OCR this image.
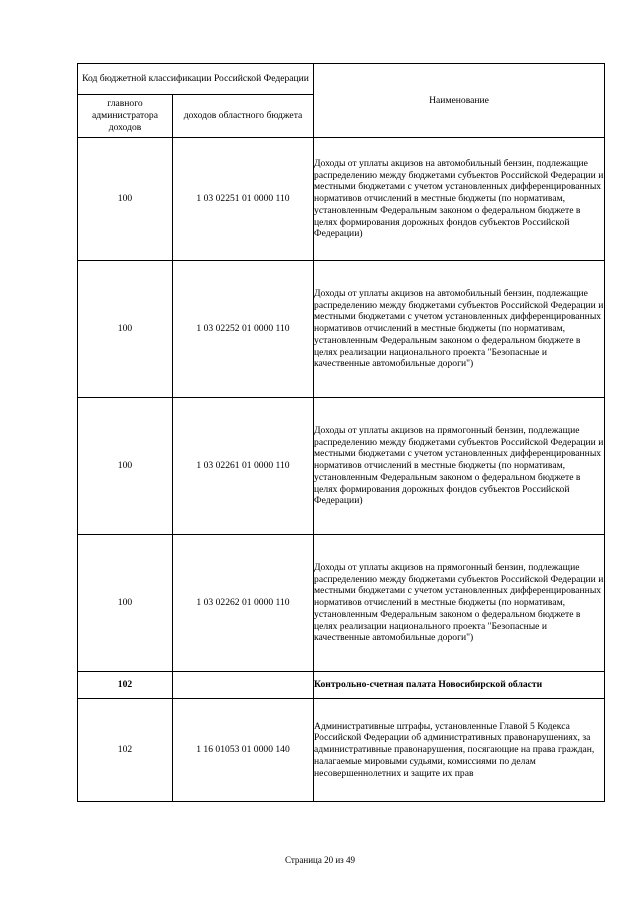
Код бюджетной классификации Российской Федерации		Наименование
главного администратора доходов	доходов областного бюджета	
100	1 03 02251 01 0000 110	Доходы от уплаты акцизов на автомобильный бензин, подлежащие распределению между бюджетами субъектов Российской Федерации и местными бюджетами с учетом установленных дифференцированных нормативов отчислений в местные бюджеты (по нормативам, установленным Федеральным законом о федеральном бюджете в целях формирования дорожных фондов субъектов Российской Федерации)
100	1 03 02252 01 0000 110	Доходы от уплаты акцизов на автомобильный бензин, подлежащие распределению между бюджетами субъектов Российской Федерации и местными бюджетами с учетом установленных дифференцированных нормативов отчислений в местные бюджеты (по нормативам, установленным Федеральным законом о федеральном бюджете в целях реализации национального проекта "Безопасные и качественные автомобильные дороги")
100	1 03 02261 01 0000 110	Доходы от уплаты акцизов на прямогонный бензин, подлежащие распределению между бюджетами субъектов Российской Федерации и местными бюджетами с учетом установленных дифференцированных нормативов отчислений в местные бюджеты (по нормативам, установленным Федеральным законом о федеральном бюджете в целях формирования дорожных фондов субъектов Российской Федерации)
100	1 03 02262 01 0000 110	Доходы от уплаты акцизов на прямогонный бензин, подлежащие распределению между бюджетами субъектов Российской Федерации и местными бюджетами с учетом установленных дифференцированных нормативов отчислений в местные бюджеты (по нормативам, установленным Федеральным законом о федеральном бюджете в целях реализации национального проекта "Безопасные и качественные автомобильные дороги")
102		Контрольно-счетная палата Новосибирской области
102	1 16 01053 01 0000 140	Административные штрафы, установленные Главой 5 Кодекса Российской Федерации об административных правонарушениях, за административные правонарушения, посягающие на права граждан, налагаемые мировыми судьями, комиссиями по делам несовершеннолетних и защите их прав
Страница 20 из 49
